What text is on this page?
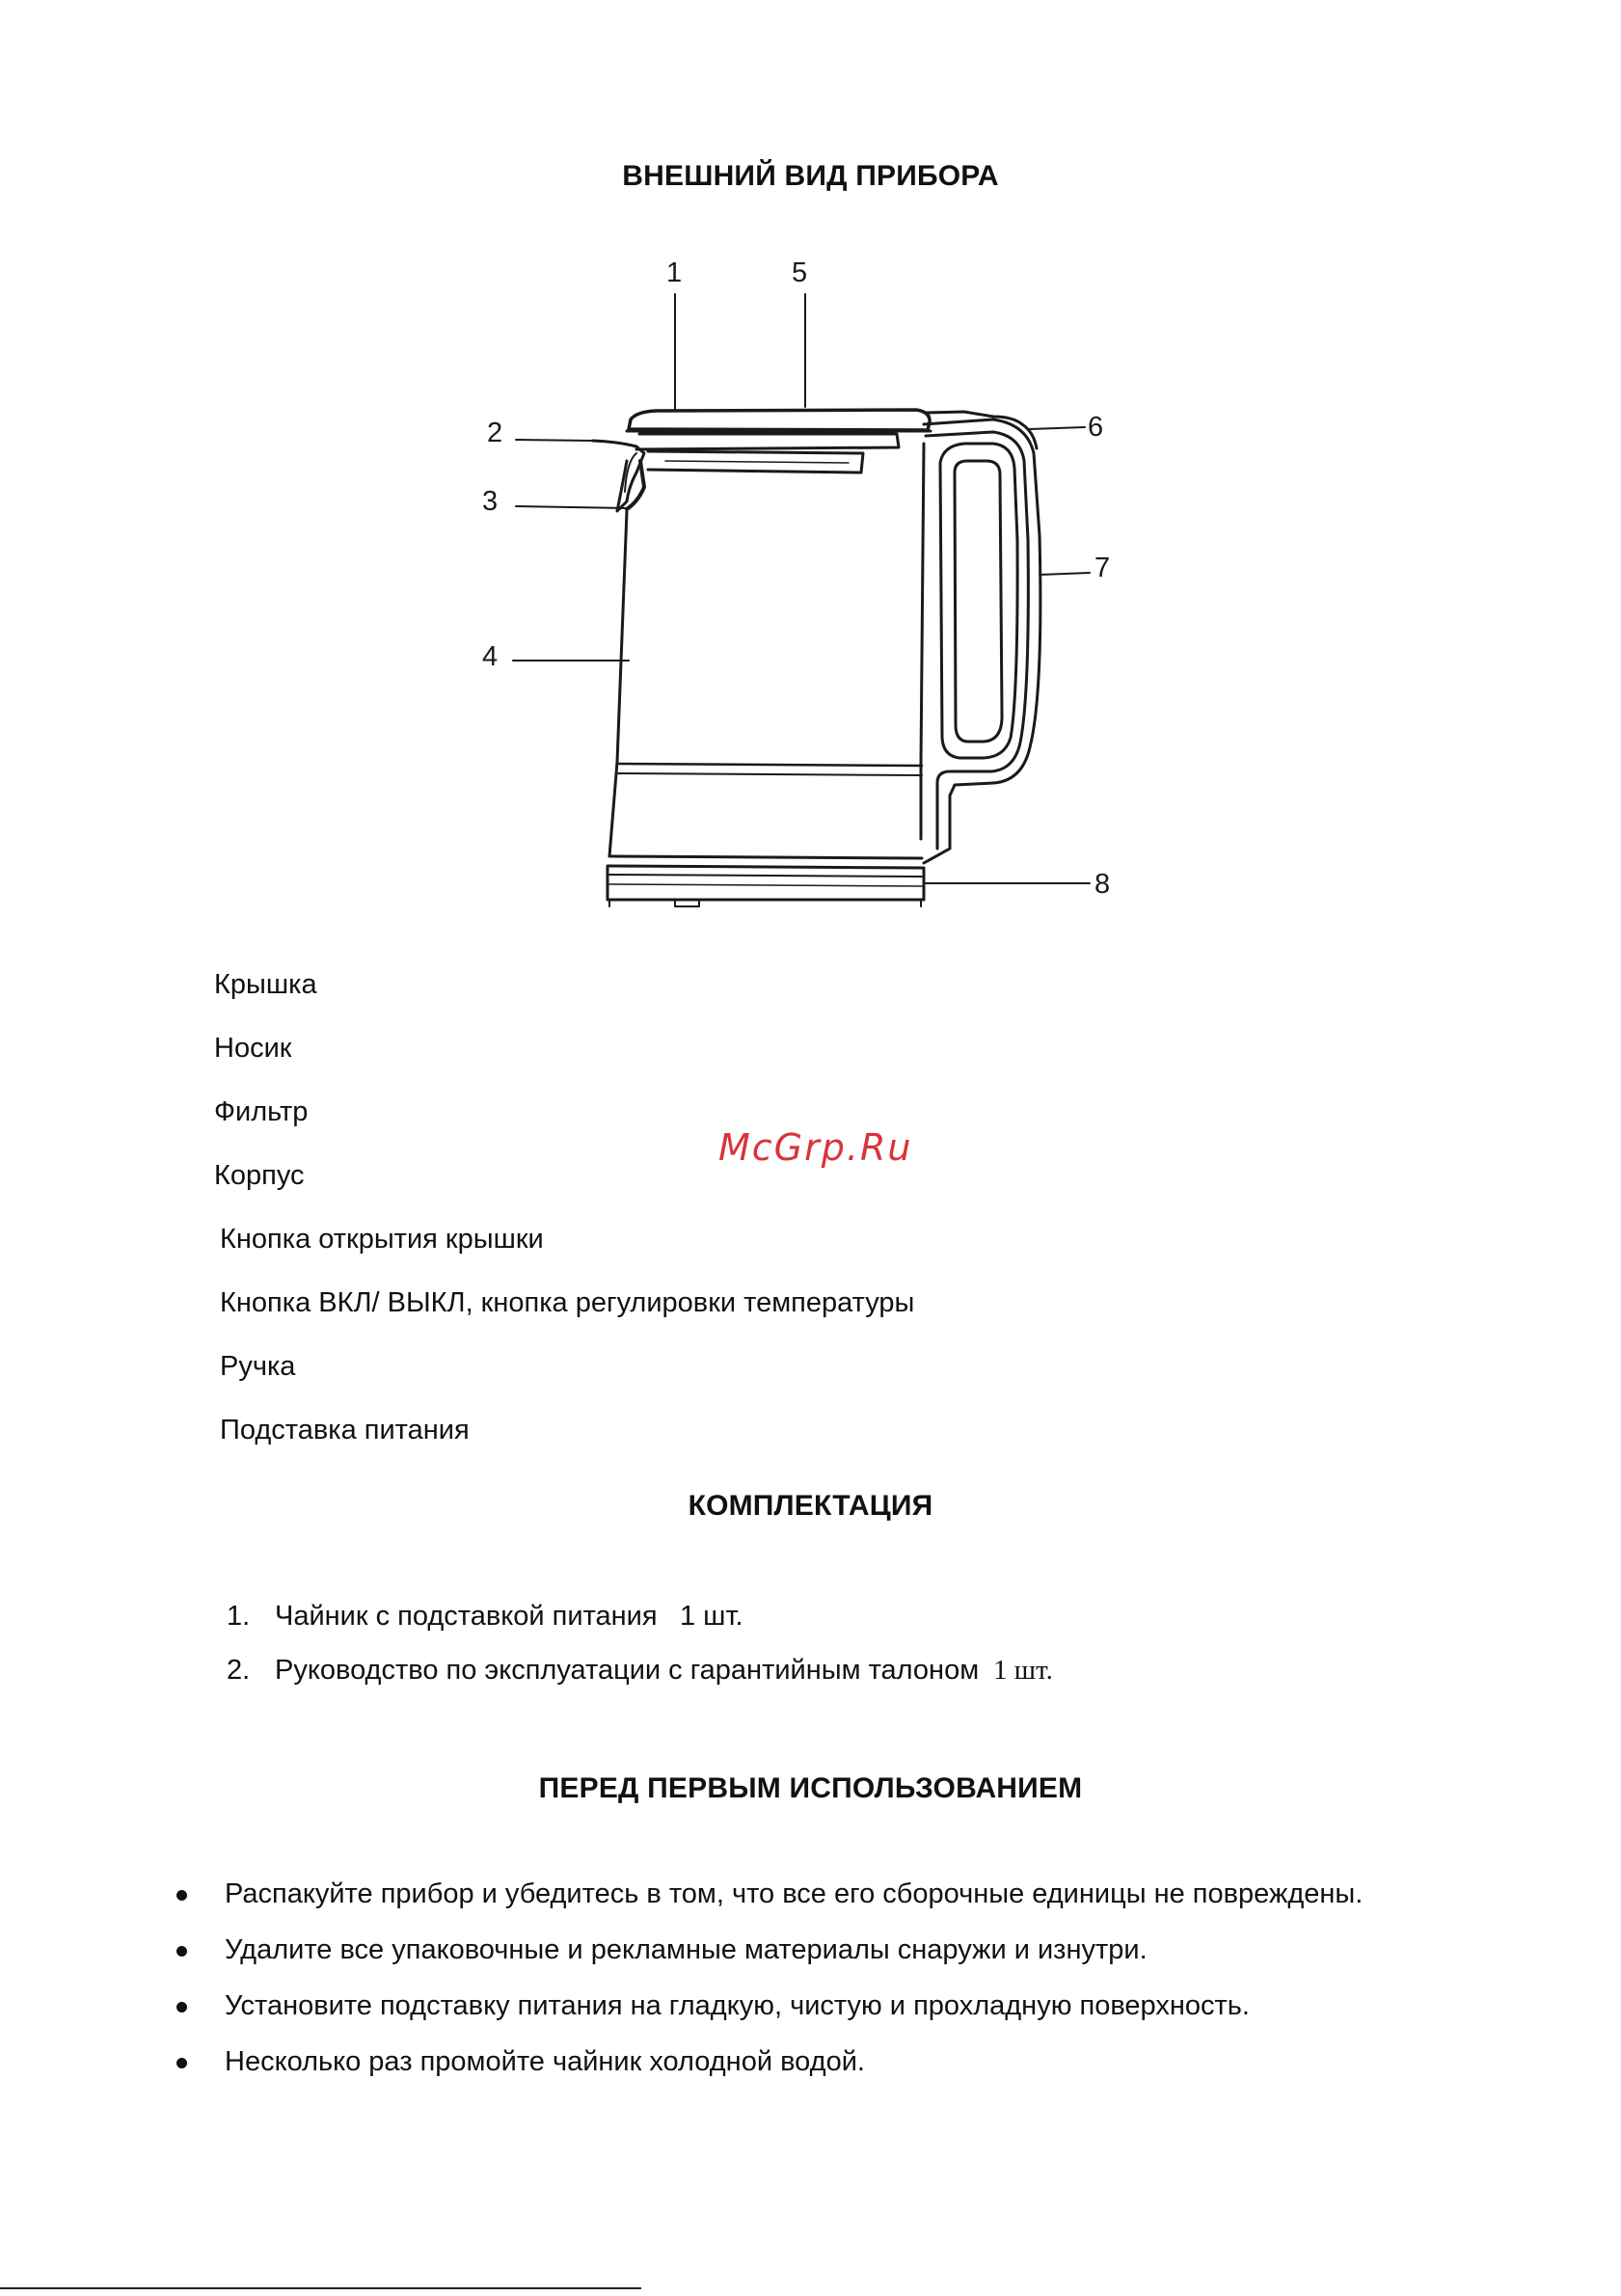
ВНЕШНИЙ ВИД ПРИБОРА
1	5
2
3
4
6
7
8
Крышка
Носик
Фильтр
Корпус
Кнопка открытия крышки
Кнопка ВКЛ/ ВЫКЛ, кнопка регулировки температуры
Ручка
Подставка питания
McGrp.Ru
КОМПЛЕКТАЦИЯ
1. Чайник с подставкой питания 1 шт.
2. Руководство по эксплуатации с гарантийным талоном 1 шт.
ПЕРЕД ПЕРВЫМ ИСПОЛЬЗОВАНИЕМ
Распакуйте прибор и убедитесь в том, что все его сборочные единицы не повреждены.
Удалите все упаковочные и рекламные материалы снаружи и изнутри.
Установите подставку питания на гладкую, чистую и прохладную поверхность.
Несколько раз промойте чайник холодной водой.
